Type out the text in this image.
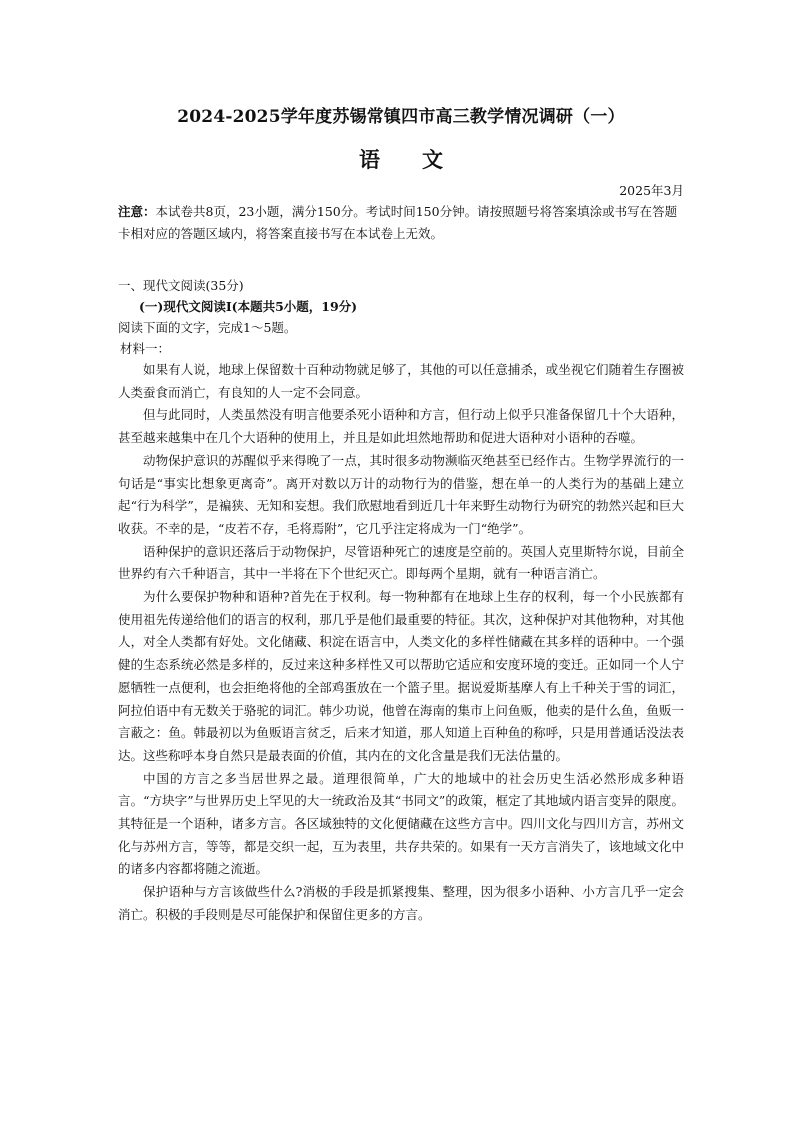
2024-2025学年度苏锡常镇四市高三教学情况调研（一）
语文
2025年3月

注意：本试卷共8页，23小题，满分150分。考试时间150分钟。请按照题号将答案填涂或书写在答题卡相对应的答题区域内，将答案直接书写在本试卷上无效。

一、现代文阅读(35分)
(一)现代文阅读Ⅰ(本题共5小题，19分)
阅读下面的文字，完成1～5题。
材料一：

如果有人说，地球上保留数十百种动物就足够了，其他的可以任意捕杀，或坐视它们随着生存圈被人类蚕食而消亡，有良知的人一定不会同意。

但与此同时，人类虽然没有明言他要杀死小语种和方言，但行动上似乎只准备保留几十个大语种，甚至越来越集中在几个大语种的使用上，并且是如此坦然地帮助和促进大语种对小语种的吞噬。

动物保护意识的苏醒似乎来得晚了一点，其时很多动物濒临灭绝甚至已经作古。生物学界流行的一句话是“事实比想象更离奇”。离开对数以万计的动物行为的借鉴，想在单一的人类行为的基础上建立起“行为科学”，是褊狭、无知和妄想。我们欣慰地看到近几十年来野生动物行为研究的勃然兴起和巨大收获。不幸的是，“皮若不存，毛将焉附”，它几乎注定将成为一门“绝学”。

语种保护的意识还落后于动物保护，尽管语种死亡的速度是空前的。英国人克里斯特尔说，目前全世界约有六千种语言，其中一半将在下个世纪灭亡。即每两个星期，就有一种语言消亡。

为什么要保护物种和语种?首先在于权利。每一物种都有在地球上生存的权利，每一个小民族都有使用祖先传递给他们的语言的权利，那几乎是他们最重要的特征。其次，这种保护对其他物种，对其他人，对全人类都有好处。文化储藏、积淀在语言中，人类文化的多样性储藏在其多样的语种中。一个强健的生态系统必然是多样的，反过来这种多样性又可以帮助它适应和安度环境的变迁。正如同一个人宁愿牺牲一点便利，也会拒绝将他的全部鸡蛋放在一个篮子里。据说爱斯基摩人有上千种关于雪的词汇，阿拉伯语中有无数关于骆驼的词汇。韩少功说，他曾在海南的集市上问鱼贩，他卖的是什么鱼，鱼贩一言蔽之：鱼。韩最初以为鱼贩语言贫乏，后来才知道，那人知道上百种鱼的称呼，只是用普通话没法表达。这些称呼本身自然只是最表面的价值，其内在的文化含量是我们无法估量的。

中国的方言之多当居世界之最。道理很简单，广大的地域中的社会历史生活必然形成多种语言。“方块字”与世界历史上罕见的大一统政治及其“书同文”的政策，框定了其地域内语言变异的限度。其特征是一个语种，诸多方言。各区域独特的文化便储藏在这些方言中。四川文化与四川方言，苏州文化与苏州方言，等等，都是交织一起，互为表里，共存共荣的。如果有一天方言消失了，该地域文化中的诸多内容都将随之流逝。

保护语种与方言该做些什么?消极的手段是抓紧搜集、整理，因为很多小语种、小方言几乎一定会消亡。积极的手段则是尽可能保护和保留住更多的方言。
